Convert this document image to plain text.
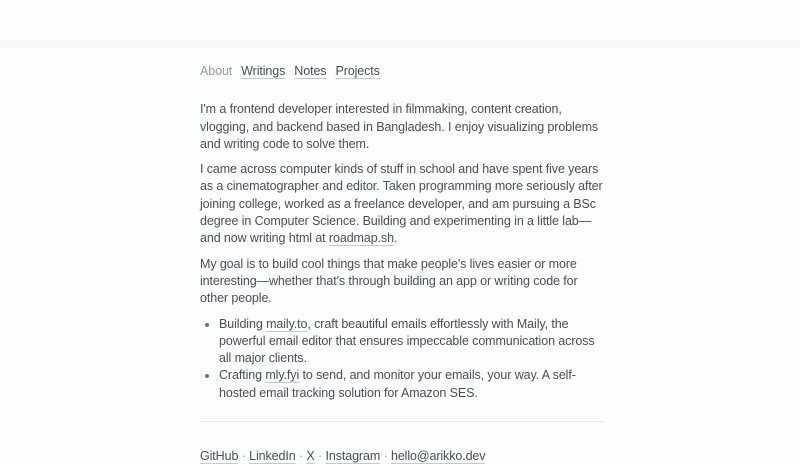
About Writings Notes Projects

I'm a frontend developer interested in filmmaking, content creation, vlogging, and backend based in Bangladesh. I enjoy visualizing problems and writing code to solve them.

I came across computer kinds of stuff in school and have spent five years as a cinematographer and editor. Taken programming more seriously after joining college, worked as a freelance developer, and am pursuing a BSc degree in Computer Science. Building and experimenting in a little lab—and now writing html at roadmap.sh.

My goal is to build cool things that make people's lives easier or more interesting—whether that's through building an app or writing code for other people.

• Building maily.to, craft beautiful emails effortlessly with Maily, the powerful email editor that ensures impeccable communication across all major clients.
• Crafting mly.fyi to send, and monitor your emails, your way. A self-hosted email tracking solution for Amazon SES.
GitHub · LinkedIn · X · Instagram · hello@arikko.dev
